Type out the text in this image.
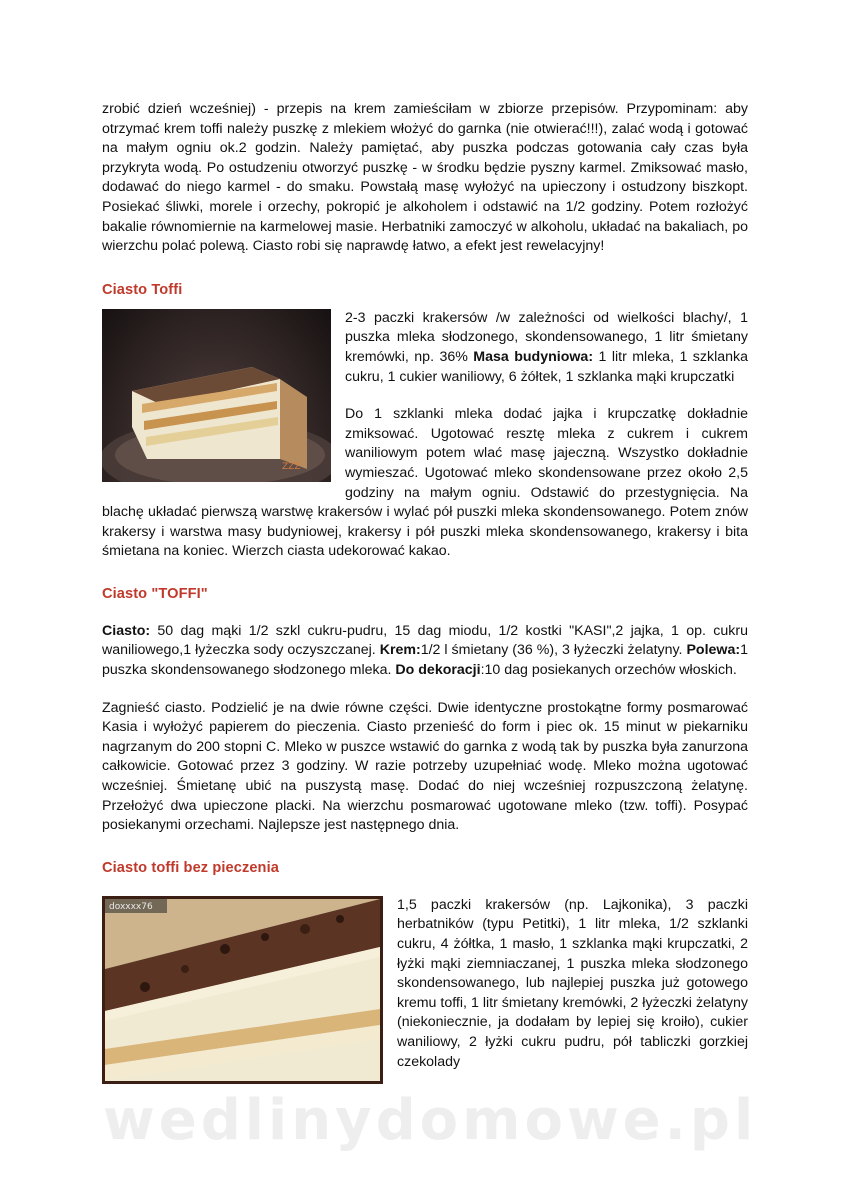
zrobić dzień wcześniej) - przepis na krem zamieściłam w zbiorze przepisów. Przypominam: aby otrzymać krem toffi należy puszkę z mlekiem włożyć do garnka (nie otwierać!!!), zalać wodą i gotować na małym ogniu ok.2 godzin. Należy pamiętać, aby puszka podczas gotowania cały czas była przykryta wodą. Po ostudzeniu otworzyć puszkę - w środku będzie pyszny karmel. Zmiksować masło, dodawać do niego karmel - do smaku. Powstałą masę wyłożyć na upieczony i ostudzony biszkopt. Posiekać śliwki, morele i orzechy, pokropić je alkoholem i odstawić na 1/2 godziny. Potem rozłożyć bakalie równomiernie na karmelowej masie. Herbatniki zamoczyć w alkoholu, układać na bakaliach, po wierzchu polać polewą. Ciasto robi się naprawdę łatwo, a efekt jest rewelacyjny!

Ciasto Toffi
ZZZ

2-3 paczki krakersów /w zależności od wielkości blachy/, 1 puszka mleka słodzonego, skondensowanego, 1 litr śmietany kremówki, np. 36% Masa budyniowa: 1 litr mleka, 1 szklanka cukru, 1 cukier waniliowy, 6 żółtek, 1 szklanka mąki krupczatki

Do 1 szklanki mleka dodać jajka i krupczatkę dokładnie zmiksować. Ugotować resztę mleka z cukrem i cukrem waniliowym potem wlać masę jajeczną. Wszystko dokładnie wymieszać. Ugotować mleko skondensowane przez około 2,5 godziny na małym ogniu. Odstawić do przestygnięcia. Na blachę układać pierwszą warstwę krakersów i wylać pół puszki mleka skondensowanego. Potem znów krakersy i warstwa masy budyniowej, krakersy i pół puszki mleka skondensowanego, krakersy i bita śmietana na koniec. Wierzch ciasta udekorować kakao.

Ciasto "TOFFI"

Ciasto: 50 dag mąki 1/2 szkl cukru-pudru, 15 dag miodu, 1/2 kostki "KASI",2 jajka, 1 op. cukru waniliowego,1 łyżeczka sody oczyszczanej. Krem:1/2 l śmietany (36 %), 3 łyżeczki żelatyny. Polewa:1 puszka skondensowanego słodzonego mleka. Do dekoracji:10 dag posiekanych orzechów włoskich.

Zagnieść ciasto. Podzielić je na dwie równe części. Dwie identyczne prostokątne formy posmarować Kasia i wyłożyć papierem do pieczenia. Ciasto przenieść do form i piec ok. 15 minut w piekarniku nagrzanym do 200 stopni C. Mleko w puszce wstawić do garnka z wodą tak by puszka była zanurzona całkowicie. Gotować przez 3 godziny. W razie potrzeby uzupełniać wodę. Mleko można ugotować wcześniej. Śmietanę ubić na puszystą masę. Dodać do niej wcześniej rozpuszczoną żelatynę. Przełożyć dwa upieczone placki. Na wierzchu posmarować ugotowane mleko (tzw. toffi). Posypać posiekanymi orzechami. Najlepsze jest następnego dnia.

Ciasto toffi bez pieczenia
doxxxx76	1,5 paczki krakersów (np. Lajkonika), 3 paczki herbatników (typu Petitki), 1 litr mleka, 1/2 szklanki cukru, 4 żółtka, 1 masło, 1 szklanka mąki krupczatki, 2 łyżki mąki ziemniaczanej, 1 puszka mleka słodzonego skondensowanego, lub najlepiej puszka już gotowego kremu toffi, 1 litr śmietany kremówki, 2 łyżeczki żelatyny (niekoniecznie, ja dodałam by lepiej się kroiło), cukier waniliowy, 2 łyżki cukru pudru, pół tabliczki gorzkiej czekolady

wedlinydomowe.pl
